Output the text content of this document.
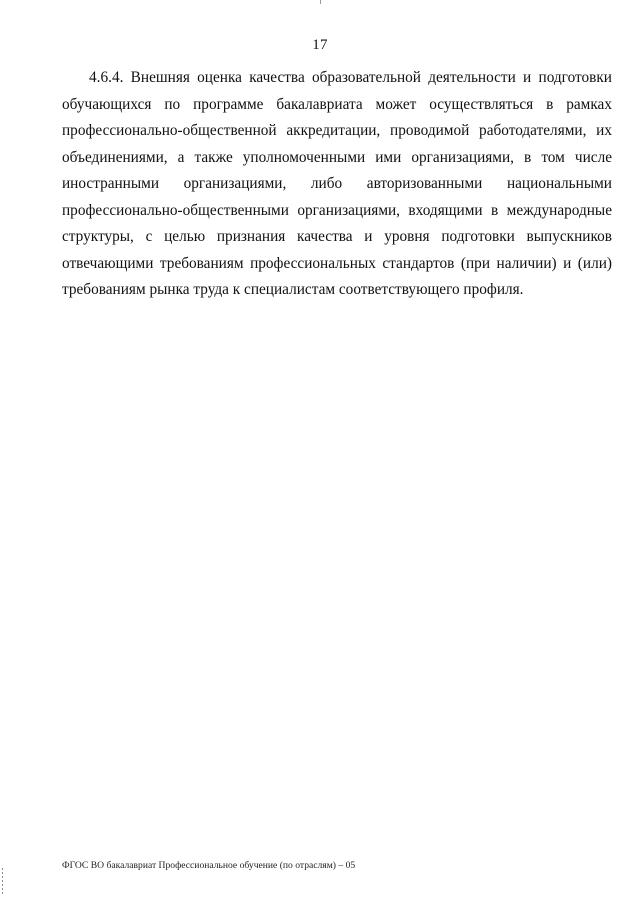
17

4.6.4. Внешняя оценка качества образовательной деятельности и подготовки обучающихся по программе бакалавриата может осуществляться в рамках профессионально-общественной аккредитации, проводимой работодателями, их объединениями, а также уполномоченными ими организациями, в том числе иностранными организациями, либо авторизованными национальными профессионально-общественными организациями, входящими в международные структуры, с целью признания качества и уровня подготовки выпускников отвечающими требованиям профессиональных стандартов (при наличии) и (или) требованиям рынка труда к специалистам соответствующего профиля.

ФГОС ВО бакалавриат Профессиональное обучение (по отраслям) – 05
